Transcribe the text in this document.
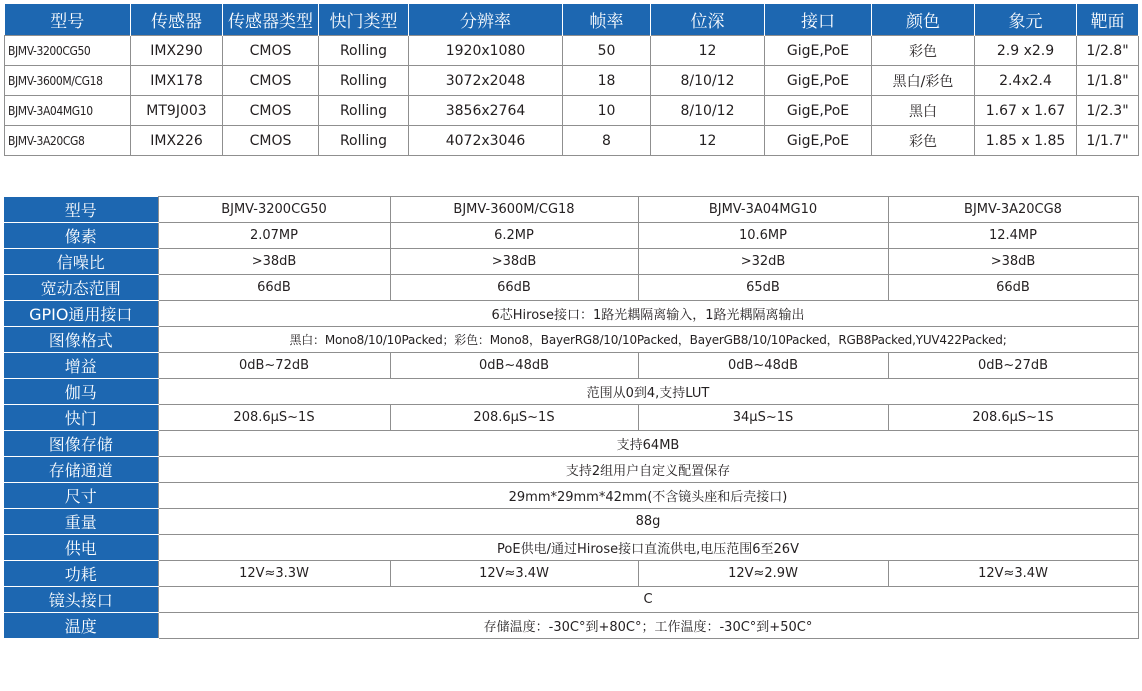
型号	传感器	传感器类型	快门类型	分辨率	帧率	位深	接口	颜色	象元	靶面
BJMV-3200CG50	IMX290	CMOS	Rolling	1920x1080	50	12	GigE,PoE	彩色	2.9 x2.9	1/2.8"
BJMV-3600M/CG18	IMX178	CMOS	Rolling	3072x2048	18	8/10/12	GigE,PoE	黑白/彩色	2.4x2.4	1/1.8"
BJMV-3A04MG10	MT9J003	CMOS	Rolling	3856x2764	10	8/10/12	GigE,PoE	黑白	1.67 x 1.67	1/2.3"
BJMV-3A20CG8	IMX226	CMOS	Rolling	4072x3046	8	12	GigE,PoE	彩色	1.85 x 1.85	1/1.7"
型号	BJMV-3200CG50	BJMV-3600M/CG18	BJMV-3A04MG10	BJMV-3A20CG8
像素	2.07MP	6.2MP	10.6MP	12.4MP
信噪比	>38dB	>38dB	>32dB	>38dB
宽动态范围	66dB	66dB	65dB	66dB
GPIO通用接口	6芯Hirose接口：1路光耦隔离输入，1路光耦隔离输出			
图像格式	黑白：Mono8/10/10Packed；彩色：Mono8，BayerRG8/10/10Packed，BayerGB8/10/10Packed，RGB8Packed,YUV422Packed;			
增益	0dB~72dB	0dB~48dB	0dB~48dB	0dB~27dB
伽马	范围从0到4,支持LUT			
快门	208.6μS~1S	208.6μS~1S	34μS~1S	208.6μS~1S
图像存储	支持64MB			
存储通道	支持2组用户自定义配置保存			
尺寸	29mm*29mm*42mm(不含镜头座和后壳接口)			
重量	88g			
供电	PoE供电/通过Hirose接口直流供电,电压范围6至26V			
功耗	12V≈3.3W	12V≈3.4W	12V≈2.9W	12V≈3.4W
镜头接口	C			
温度	存储温度：-30C°到+80C°；工作温度：-30C°到+50C°			
